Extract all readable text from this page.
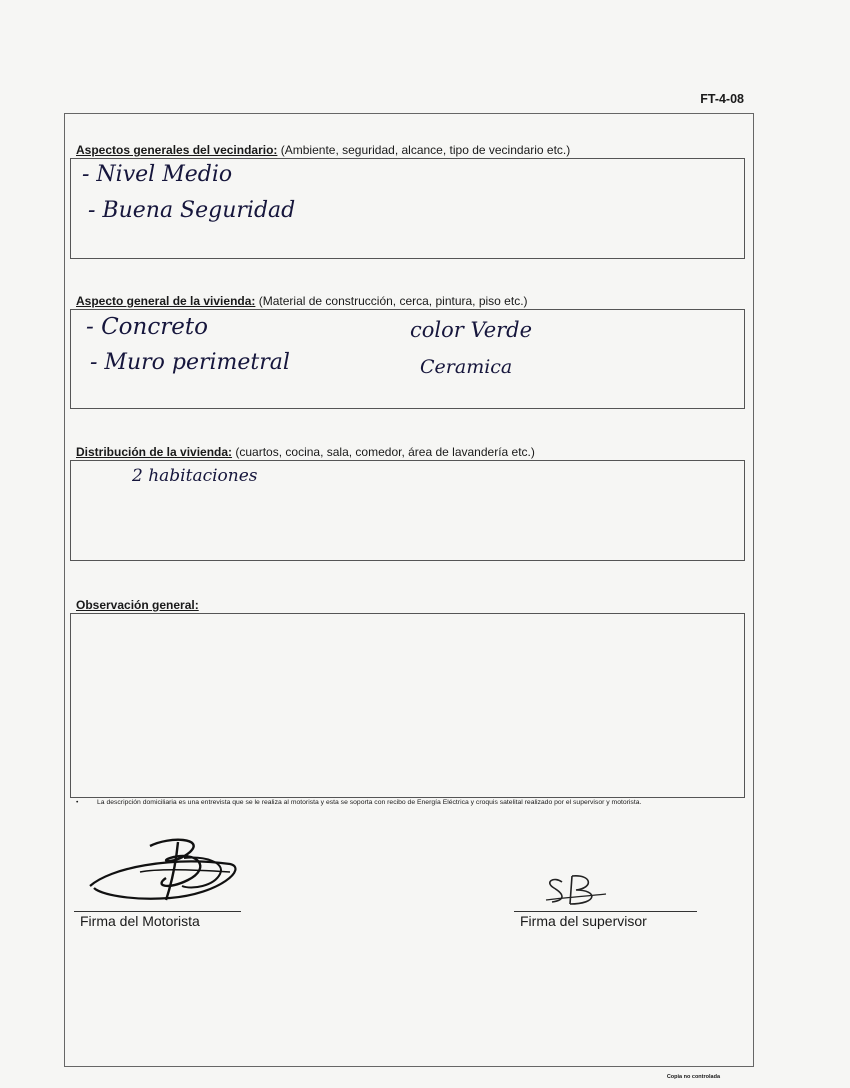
FT-4-08
Aspectos generales del vecindario: (Ambiente, seguridad, alcance, tipo de vecindario etc.)
- Nivel Medio
- Buena Seguridad
Aspecto general de la vivienda: (Material de construcción, cerca, pintura, piso etc.)
- Concreto
- Muro perimetral
color Verde
Ceramica
Distribución de la vivienda: (cuartos, cocina, sala, comedor, área de lavandería etc.)
2 habitaciones
Observación general:
•	La descripción domiciliaria es una entrevista que se le realiza al motorista y esta se soporta con recibo de Energía Eléctrica y croquis satelital realizado por el supervisor y motorista.
Firma del Motorista	Firma del supervisor
Copia no controlada
